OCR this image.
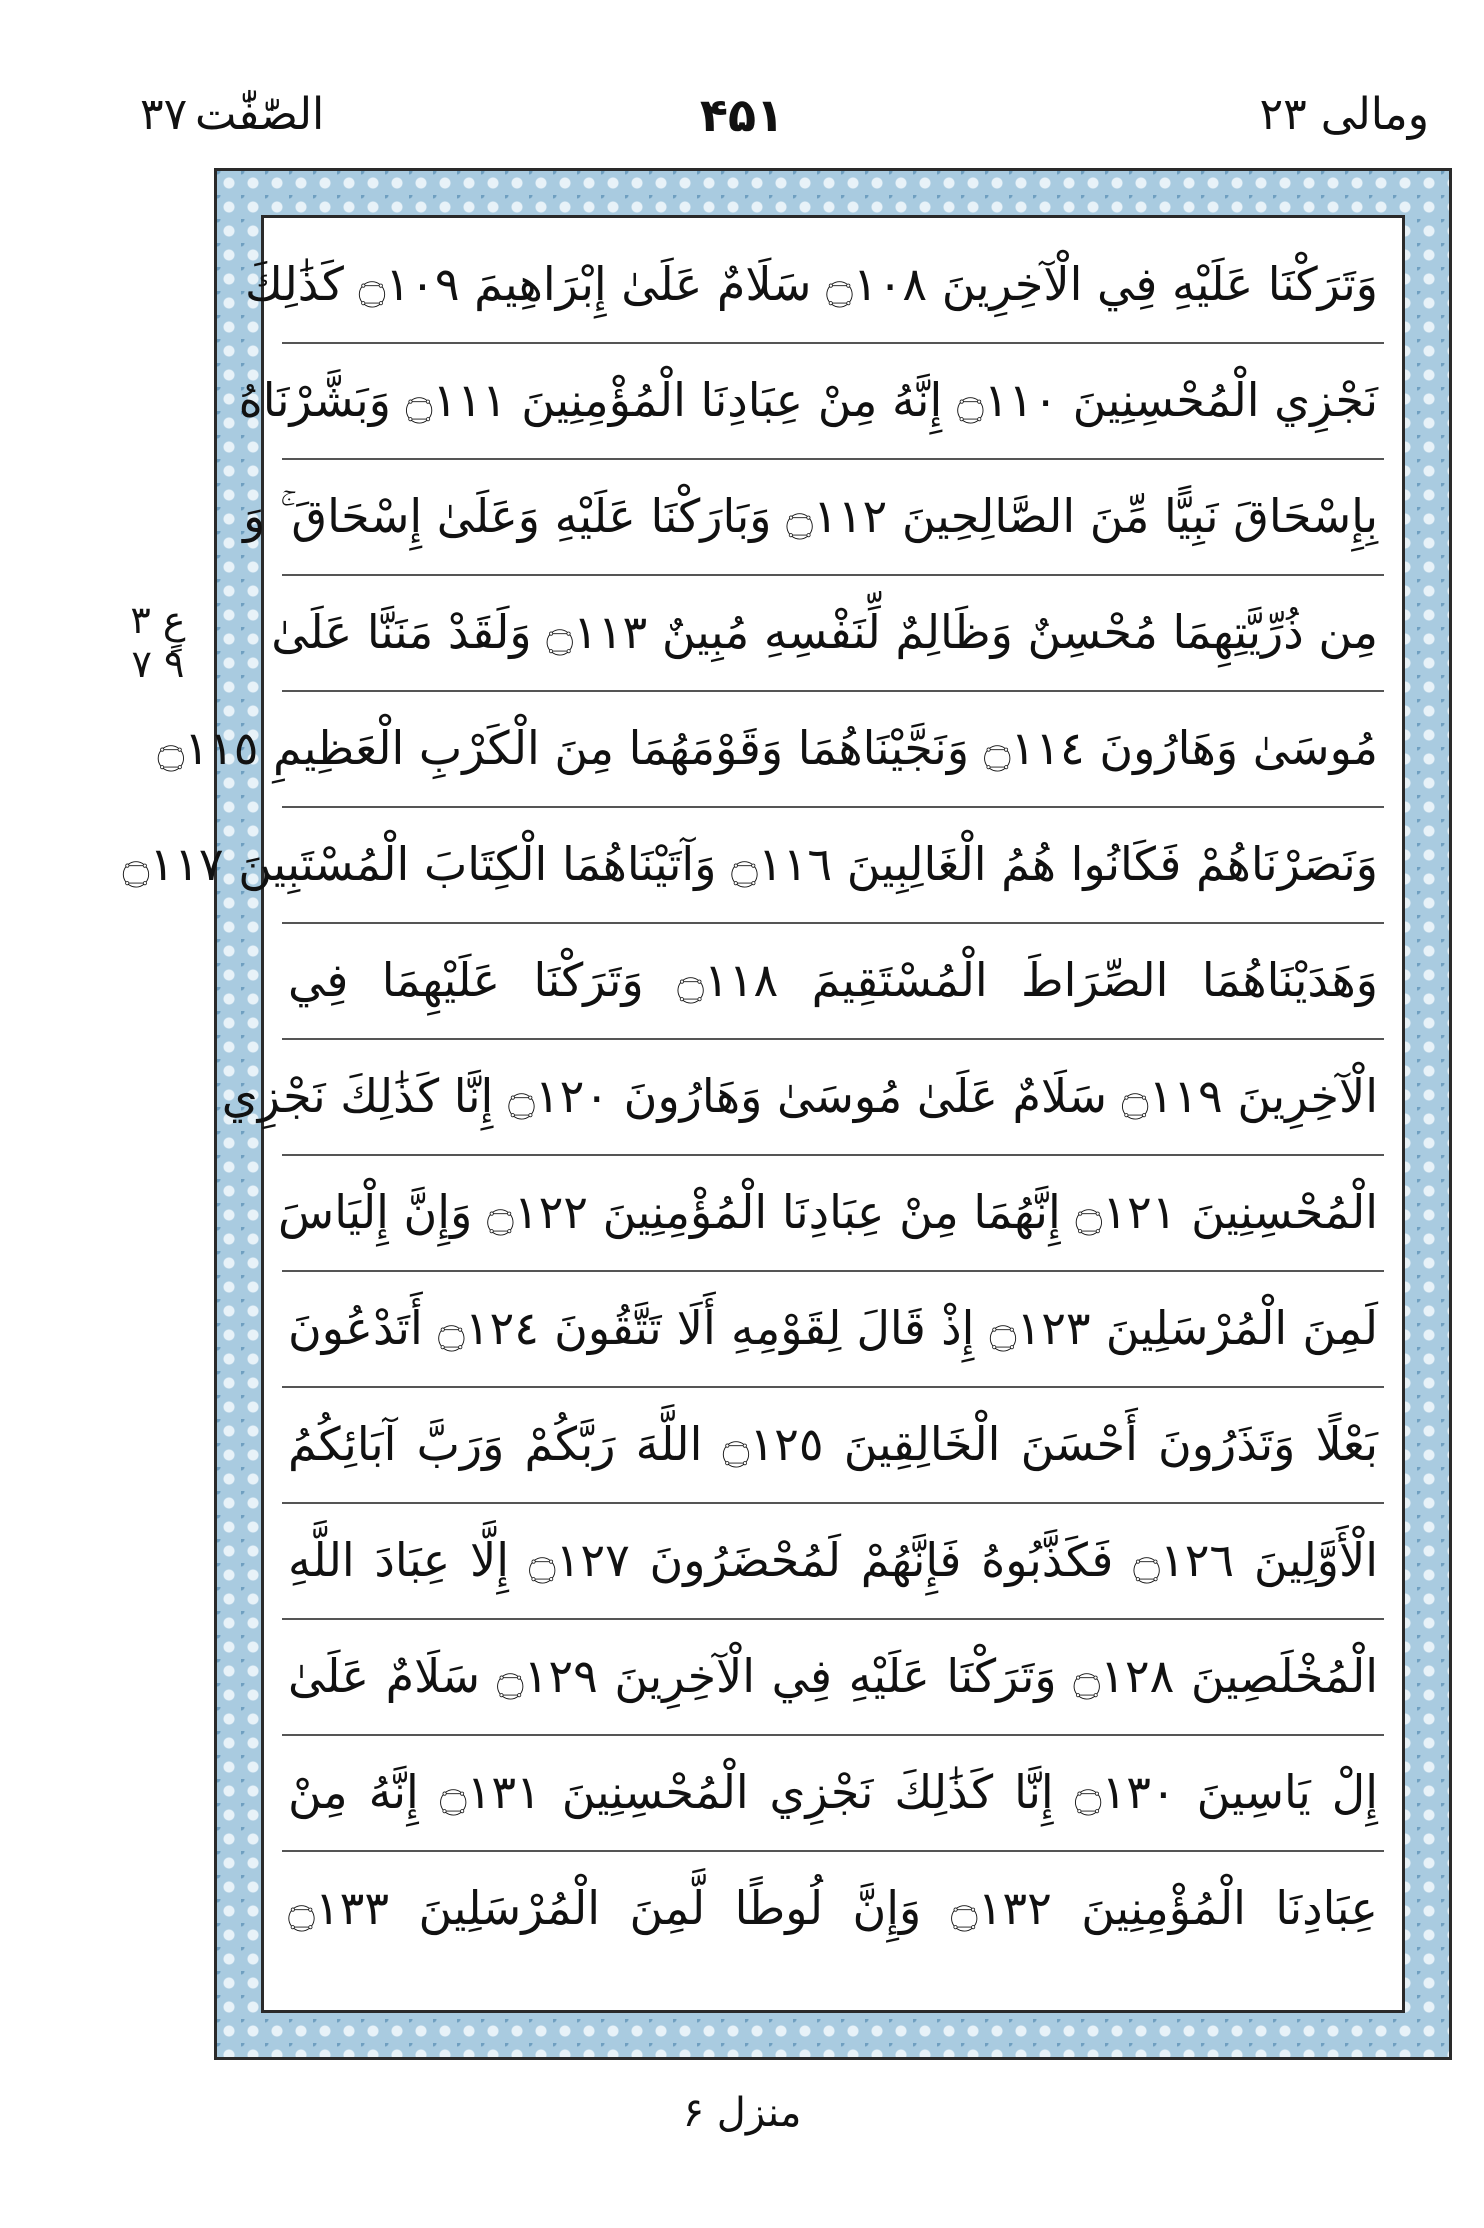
ومالی ۲۳
۴۵۱
الصّٰفّٰت
۳۷
عٍ ٣ ٩ ٧
وَتَرَكْنَا عَلَيْهِ فِي الْآخِرِينَ ۝١٠٨ سَلَامٌ عَلَىٰ إِبْرَاهِيمَ ۝١٠٩ كَذَٰلِكَ
نَجْزِي الْمُحْسِنِينَ ۝١١٠ إِنَّهُ مِنْ عِبَادِنَا الْمُؤْمِنِينَ ۝١١١ وَبَشَّرْنَاهُ
بِإِسْحَاقَ نَبِيًّا مِّنَ الصَّالِحِينَ ۝١١٢ وَبَارَكْنَا عَلَيْهِ وَعَلَىٰ إِسْحَاقَ ۚ وَ
مِن ذُرِّيَّتِهِمَا مُحْسِنٌ وَظَالِمٌ لِّنَفْسِهِ مُبِينٌ ۝١١٣ وَلَقَدْ مَنَنَّا عَلَىٰ
مُوسَىٰ وَهَارُونَ ۝١١٤ وَنَجَّيْنَاهُمَا وَقَوْمَهُمَا مِنَ الْكَرْبِ الْعَظِيمِ ۝١١٥
وَنَصَرْنَاهُمْ فَكَانُوا هُمُ الْغَالِبِينَ ۝١١٦ وَآتَيْنَاهُمَا الْكِتَابَ الْمُسْتَبِينَ ۝١١٧
وَهَدَيْنَاهُمَا الصِّرَاطَ الْمُسْتَقِيمَ ۝١١٨ وَتَرَكْنَا عَلَيْهِمَا فِي
الْآخِرِينَ ۝١١٩ سَلَامٌ عَلَىٰ مُوسَىٰ وَهَارُونَ ۝١٢٠ إِنَّا كَذَٰلِكَ نَجْزِي
الْمُحْسِنِينَ ۝١٢١ إِنَّهُمَا مِنْ عِبَادِنَا الْمُؤْمِنِينَ ۝١٢٢ وَإِنَّ إِلْيَاسَ
لَمِنَ الْمُرْسَلِينَ ۝١٢٣ إِذْ قَالَ لِقَوْمِهِ أَلَا تَتَّقُونَ ۝١٢٤ أَتَدْعُونَ
بَعْلًا وَتَذَرُونَ أَحْسَنَ الْخَالِقِينَ ۝١٢٥ اللَّهَ رَبَّكُمْ وَرَبَّ آبَائِكُمُ
الْأَوَّلِينَ ۝١٢٦ فَكَذَّبُوهُ فَإِنَّهُمْ لَمُحْضَرُونَ ۝١٢٧ إِلَّا عِبَادَ اللَّهِ
الْمُخْلَصِينَ ۝١٢٨ وَتَرَكْنَا عَلَيْهِ فِي الْآخِرِينَ ۝١٢٩ سَلَامٌ عَلَىٰ
إِلْ يَاسِينَ ۝١٣٠ إِنَّا كَذَٰلِكَ نَجْزِي الْمُحْسِنِينَ ۝١٣١ إِنَّهُ مِنْ
عِبَادِنَا الْمُؤْمِنِينَ ۝١٣٢ وَإِنَّ لُوطًا لَّمِنَ الْمُرْسَلِينَ ۝١٣٣
منزل ۶
